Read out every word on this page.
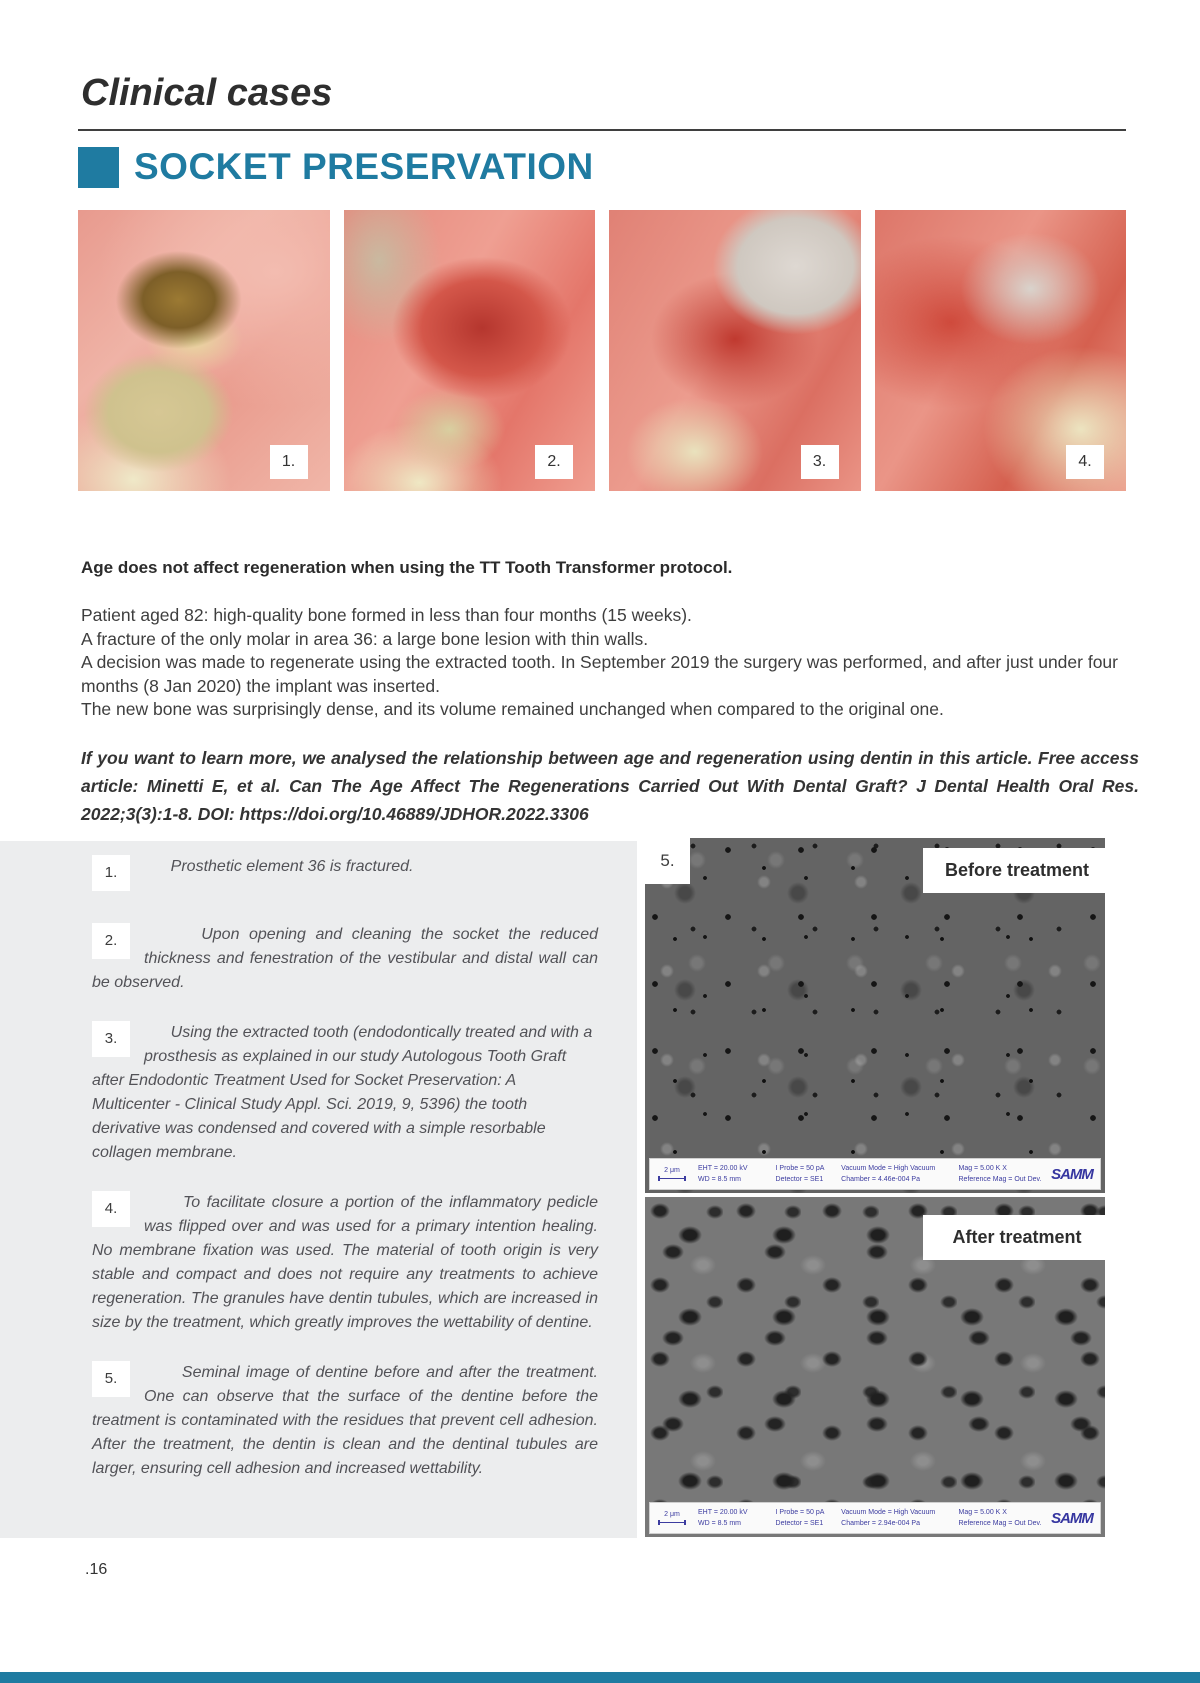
Clinical cases
SOCKET PRESERVATION
1.	2.	3.	4.
Age does not affect regeneration when using the TT Tooth Transformer protocol.

Patient aged 82: high-quality bone formed in less than four months (15 weeks).

A fracture of the only molar in area 36: a large bone lesion with thin walls.

A decision was made to regenerate using the extracted tooth. In September 2019 the surgery was performed, and after just under four months (8 Jan 2020) the implant was inserted.

The new bone was surprisingly dense, and its volume remained unchanged when compared to the original one.

If you want to learn more, we analysed the relationship between age and regeneration using dentin in this article. Free access article: Minetti E, et al. Can The Age Affect The Regenerations Carried Out With Dental Graft? J Dental Health Oral Res. 2022;3(3):1-8. DOI: https://doi.org/10.46889/JDHOR.2022.3306
1.	Prosthetic element 36 is fractured.
2.	Upon opening and cleaning the socket the reduced thickness and fenestration of the vestibular and distal wall can be observed.
3.	Using the extracted tooth (endodontically treated and with a prosthesis as explained in our study Autologous Tooth Graft after Endodontic Treatment Used for Socket Preservation: A Multicenter - Clinical Study Appl. Sci. 2019, 9, 5396) the tooth derivative was condensed and covered with a simple resorbable collagen membrane.
4.	To facilitate closure a portion of the inflammatory pedicle was flipped over and was used for a primary intention healing. No membrane fixation was used. The material of tooth origin is very stable and compact and does not require any treatments to achieve regeneration. The granules have dentin tubules, which are increased in size by the treatment, which greatly improves the wettability of dentine.
5.	Seminal image of dentine before and after the treatment. One can observe that the surface of the dentine before the treatment is contaminated with the residues that prevent cell adhesion. After the treatment, the dentin is clean and the dentinal tubules are larger, ensuring cell adhesion and increased wettability.
5.	Before treatment
2 μm	EHT = 20.00 kV	I Probe = 50 pA	Vacuum Mode = High Vacuum	Mag = 5.00 K X
WD = 8.5 mm	Detector = SE1	Chamber = 4.46e-004 Pa	Reference Mag = Out Dev. SAMM
After treatment
2 μm	EHT = 20.00 kV	I Probe = 50 pA	Vacuum Mode = High Vacuum	Mag = 5.00 K X
WD = 8.5 mm	Detector = SE1	Chamber = 2.94e-004 Pa	Reference Mag = Out Dev. SAMM
.16
